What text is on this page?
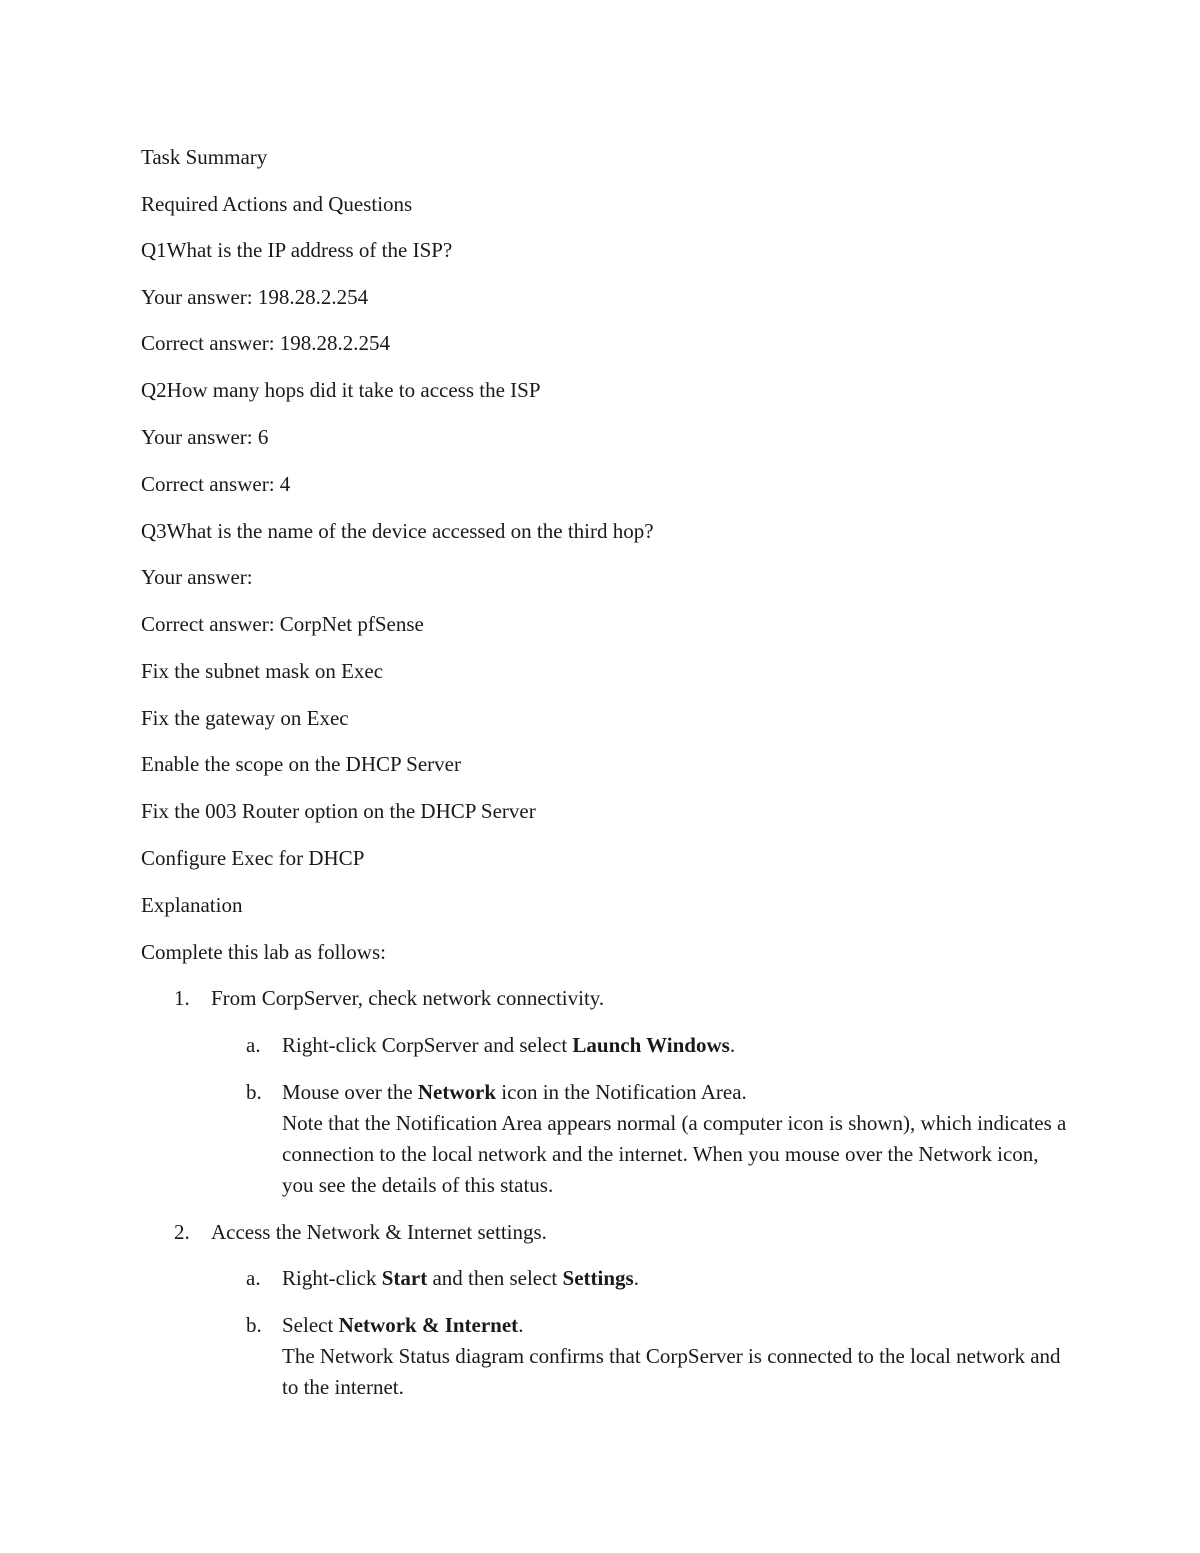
Task Summary
Required Actions and Questions
Q1What is the IP address of the ISP?
Your answer: 198.28.2.254
Correct answer: 198.28.2.254
Q2How many hops did it take to access the ISP
Your answer: 6
Correct answer: 4
Q3What is the name of the device accessed on the third hop?
Your answer:
Correct answer: CorpNet pfSense
Fix the subnet mask on Exec
Fix the gateway on Exec
Enable the scope on the DHCP Server
Fix the 003 Router option on the DHCP Server
Configure Exec for DHCP
Explanation
Complete this lab as follows:
1. From CorpServer, check network connectivity.
a. Right-click CorpServer and select Launch Windows.
b. Mouse over the Network icon in the Notification Area.
Note that the Notification Area appears normal (a computer icon is shown), which indicates a connection to the local network and the internet. When you mouse over the Network icon, you see the details of this status.
2. Access the Network & Internet settings.
a. Right-click Start and then select Settings.
b. Select Network & Internet.
The Network Status diagram confirms that CorpServer is connected to the local network and to the internet.
